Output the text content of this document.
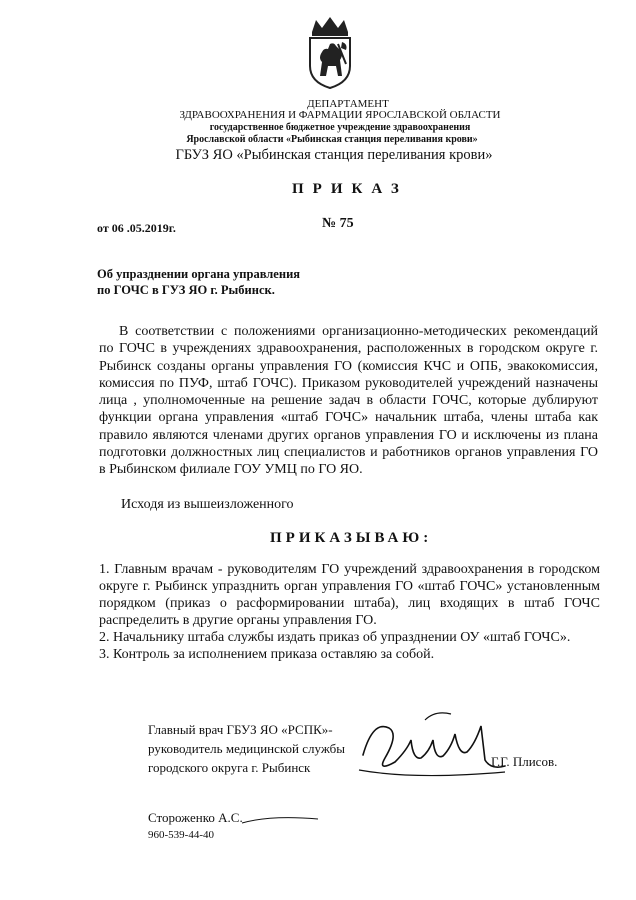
ДЕПАРТАМЕНТ
ЗДРАВООХРАНЕНИЯ И ФАРМАЦИИ ЯРОСЛАВСКОЙ ОБЛАСТИ
государственное бюджетное учреждение здравоохранения
Ярославской области «Рыбинская станция переливания крови»
ГБУЗ ЯО «Рыбинская станция переливания крови»
ПРИКАЗ
от 06 .05.2019г.	№ 75
Об упразднении органа управления
по ГОЧС в ГУЗ ЯО г. Рыбинск.
В соответствии с положениями организационно-методических рекомендаций по ГОЧС в учреждениях здравоохранения, расположенных в городском округе г. Рыбинск созданы органы управления ГО (комиссия КЧС и ОПБ, эвакокомиссия, комиссия по ПУФ, штаб ГОЧС). Приказом руководителей учреждений назначены лица , уполномоченные на решение задач в области ГОЧС, которые дублируют функции органа управления «штаб ГОЧС» начальник штаба, члены штаба как правило являются членами других органов управления ГО и исключены из плана подготовки должностных лиц специалистов и работников органов управления ГО в Рыбинском филиале ГОУ УМЦ по ГО ЯО.
Исходя из вышеизложенного
ПРИКАЗЫВАЮ:
1. Главным врачам - руководителям ГО учреждений здравоохранения в городском округе г. Рыбинск упразднить орган управления ГО «штаб ГОЧС» установленным порядком (приказ о расформировании штаба), лиц входящих в штаб ГОЧС распределить в другие органы управления ГО.
2. Начальнику штаба службы издать приказ об упразднении ОУ «штаб ГОЧС».
3. Контроль за исполнением приказа оставляю за собой.
Главный врач ГБУЗ ЯО «РСПК»-
руководитель медицинской службы
городского округа г. Рыбинск	Г.Г. Плисов.
Стороженко А.С.
960-539-44-40
